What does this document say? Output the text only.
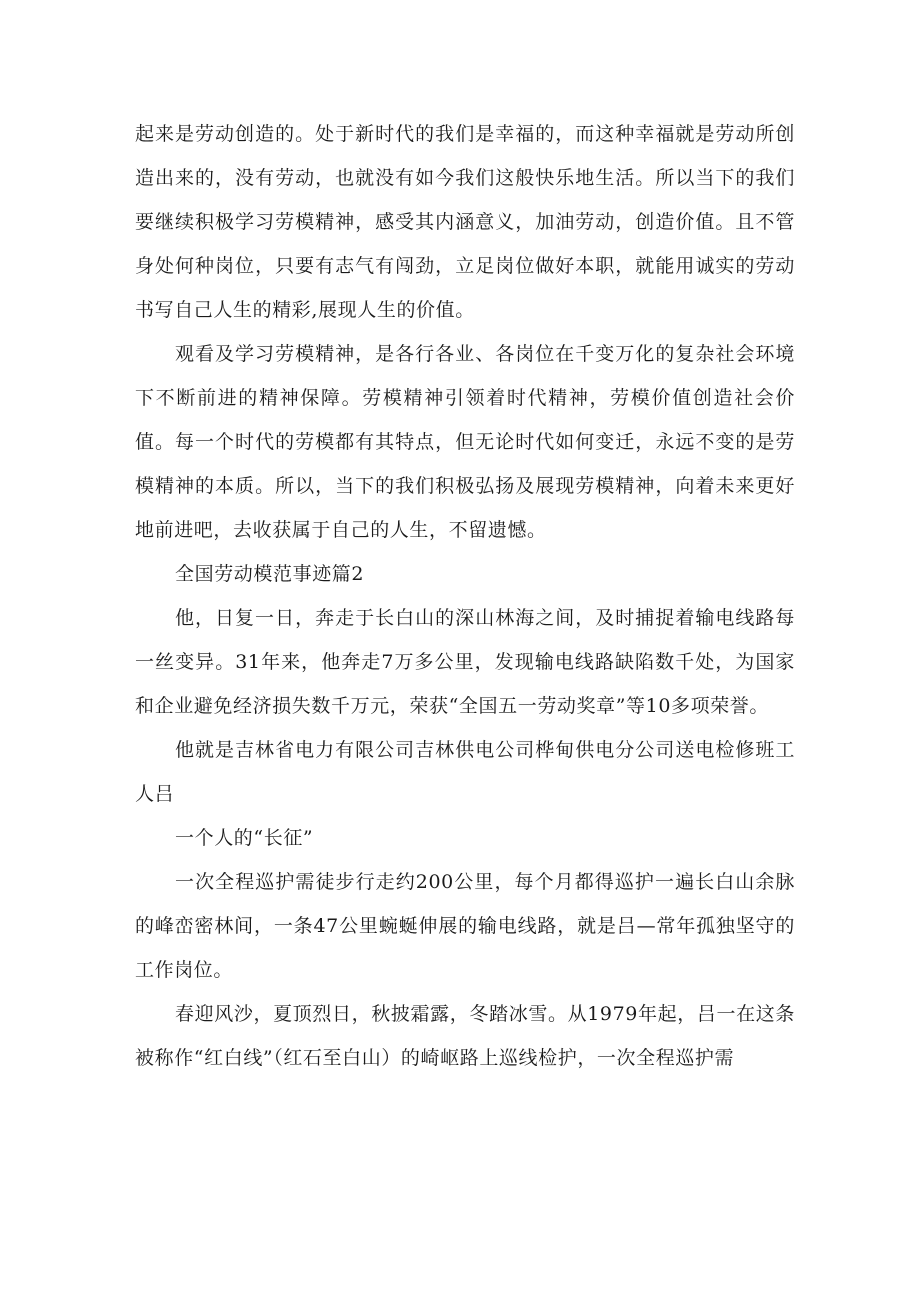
起来是劳动创造的。处于新时代的我们是幸福的，而这种幸福就是劳动所创造出来的，没有劳动，也就没有如今我们这般快乐地生活。所以当下的我们要继续积极学习劳模精神，感受其内涵意义，加油劳动，创造价值。且不管身处何种岗位，只要有志气有闯劲，立足岗位做好本职，就能用诚实的劳动书写自己人生的精彩,展现人生的价值。

观看及学习劳模精神，是各行各业、各岗位在千变万化的复杂社会环境下不断前进的精神保障。劳模精神引领着时代精神，劳模价值创造社会价值。每一个时代的劳模都有其特点，但无论时代如何变迁，永远不变的是劳模精神的本质。所以，当下的我们积极弘扬及展现劳模精神，向着未来更好地前进吧，去收获属于自己的人生，不留遗憾。

全国劳动模范事迹篇2

他，日复一日，奔走于长白山的深山林海之间，及时捕捉着输电线路每一丝变异。31年来，他奔走7万多公里，发现输电线路缺陷数千处，为国家和企业避免经济损失数千万元，荣获“全国五一劳动奖章”等10多项荣誉。

他就是吉林省电力有限公司吉林供电公司桦甸供电分公司送电检修班工人吕

一个人的“长征”

一次全程巡护需徒步行走约200公里，每个月都得巡护一遍长白山余脉的峰峦密林间，一条47公里蜿蜒伸展的输电线路，就是吕—常年孤独坚守的工作岗位。

春迎风沙，夏顶烈日，秋披霜露，冬踏冰雪。从1979年起，吕一在这条被称作“红白线”（红石至白山）的崎岖路上巡线检护，一次全程巡护需
